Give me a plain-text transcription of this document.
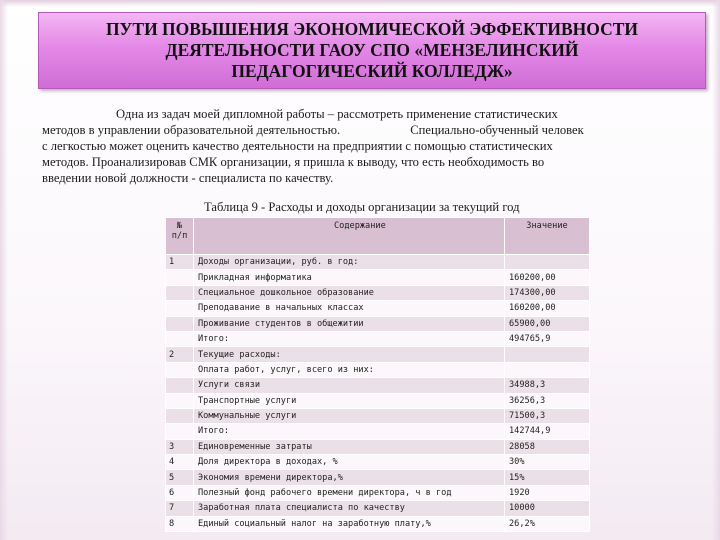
ПУТИ ПОВЫШЕНИЯ ЭКОНОМИЧЕСКОЙ ЭФФЕКТИВНОСТИ
ДЕЯТЕЛЬНОСТИ ГАОУ СПО «МЕНЗЕЛИНСКИЙ
ПЕДАГОГИЧЕСКИЙ КОЛЛЕДЖ»
Одна из задач моей дипломной работы – рассмотреть применение статистических
методов в управлении образовательной деятельностью.	Специально-обученный человек
с легкостью может оценить качество деятельности на предприятии с помощью статистических
методов. Проанализировав СМК организации, я пришла к выводу, что есть необходимость во
введении новой должности - специалиста по качеству.
Таблица 9 - Расходы и доходы организации за текущий год
№
п/п	Содержание	Значение
1	Доходы организации, руб. в год:	
	Прикладная информатика	160200,00
	Специальное дошкольное образование	174300,00
	Преподавание в начальных классах	160200,00
	Проживание студентов в общежитии	65900,00
	Итого:	494765,9
2	Текущие расходы:	
	Оплата работ, услуг, всего из них:	
	Услуги связи	34988,3
	Транспортные услуги	36256,3
	Коммунальные услуги	71500,3
	Итого:	142744,9
3	Единовременные затраты	28058
4	Доля директора в доходах, %	30%
5	Экономия времени директора,%	15%
6	Полезный фонд рабочего времени директора, ч в год	1920
7	Заработная плата специалиста по качеству	10000
8	Единый социальный налог на заработную плату,%	26,2%
